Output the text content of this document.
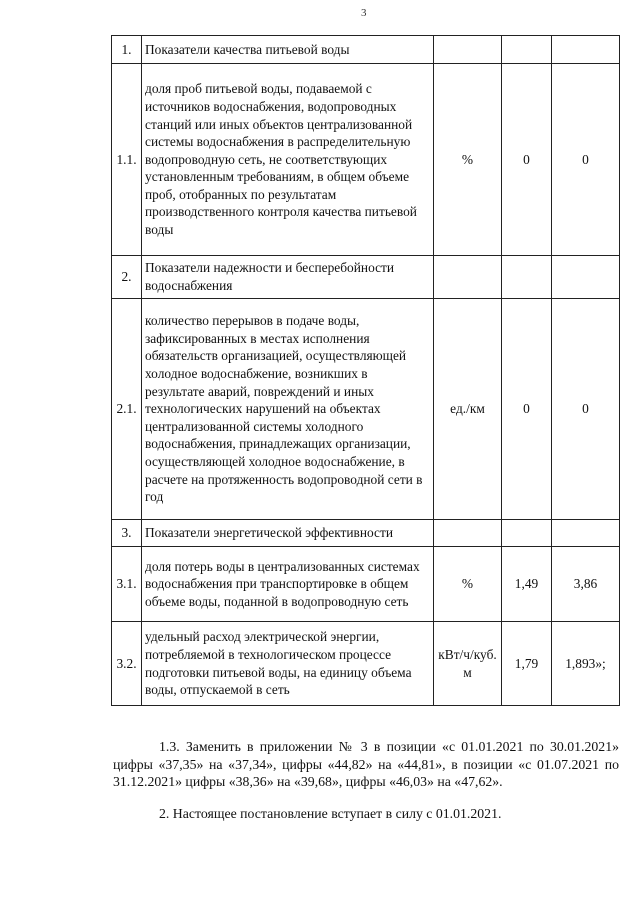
3
1.	Показатели качества питьевой воды			
1.1.	доля проб питьевой воды, подаваемой с источников водоснабжения, водопроводных станций или иных объектов централизованной системы водоснабжения в распределительную водопроводную сеть, не соответствующих установленным требованиям, в общем объеме проб, отобранных по результатам производственного контроля качества питьевой воды	%	0	0
2.	Показатели надежности и бесперебойности водоснабжения			
2.1.	количество перерывов в подаче воды, зафиксированных в местах исполнения обязательств организацией, осуществляющей холодное водоснабжение, возникших в результате аварий, повреждений и иных технологических нарушений на объектах централизованной системы холодного водоснабжения, принадлежащих организации, осуществляющей холодное водоснабжение, в расчете на протяженность водопроводной сети в год	ед./км	0	0
3.	Показатели энергетической эффективности			
3.1.	доля потерь воды в централизованных системах водоснабжения при транспортировке в общем объеме воды, поданной в водопроводную сеть	%	1,49	3,86
3.2.	удельный расход электрической энергии, потребляемой в технологическом процессе подготовки питьевой воды, на единицу объема воды, отпускаемой в сеть	кВт/ч/куб. м	1,79	1,893»;
1.3. Заменить в приложении № 3 в позиции «с 01.01.2021 по 30.01.2021» цифры «37,35» на «37,34», цифры «44,82» на «44,81», в позиции «с 01.07.2021 по 31.12.2021» цифры «38,36» на «39,68», цифры «46,03» на «47,62».
2. Настоящее постановление вступает в силу с 01.01.2021.
